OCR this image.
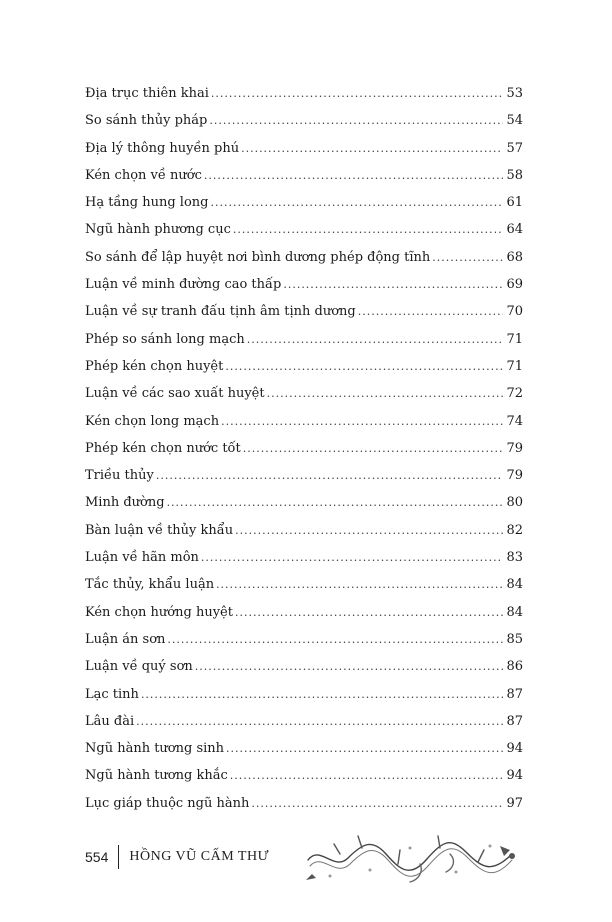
Địa trục thiên khai .....	53
So sánh thủy pháp .....	54
Địa lý thông huyền phú .....	57
Kén chọn về nước .....	58
Hạ tầng hung long .....	61
Ngũ hành phương cục .....	64
So sánh để lập huyệt nơi bình dương phép động tĩnh .....	68
Luận về minh đường cao thấp .....	69
Luận về sự tranh đấu tịnh âm tịnh dương .....	70
Phép so sánh long mạch .....	71
Phép kén chọn huyệt .....	71
Luận về các sao xuất huyệt .....	72
Kén chọn long mạch .....	74
Phép kén chọn nước tốt .....	79
Triều thủy .....	79
Minh đường .....	80
Bàn luận về thủy khẩu .....	82
Luận về hãn môn .....	83
Tắc thủy, khẩu luận .....	84
Kén chọn hướng huyệt .....	84
Luận án sơn .....	85
Luận về quý sơn .....	86
Lạc tinh .....	87
Lâu đài .....	87
Ngũ hành tương sinh .....	94
Ngũ hành tương khắc .....	94
Lục giáp thuộc ngũ hành .....	97
554 HỒNG VŨ CẤM THƯ
